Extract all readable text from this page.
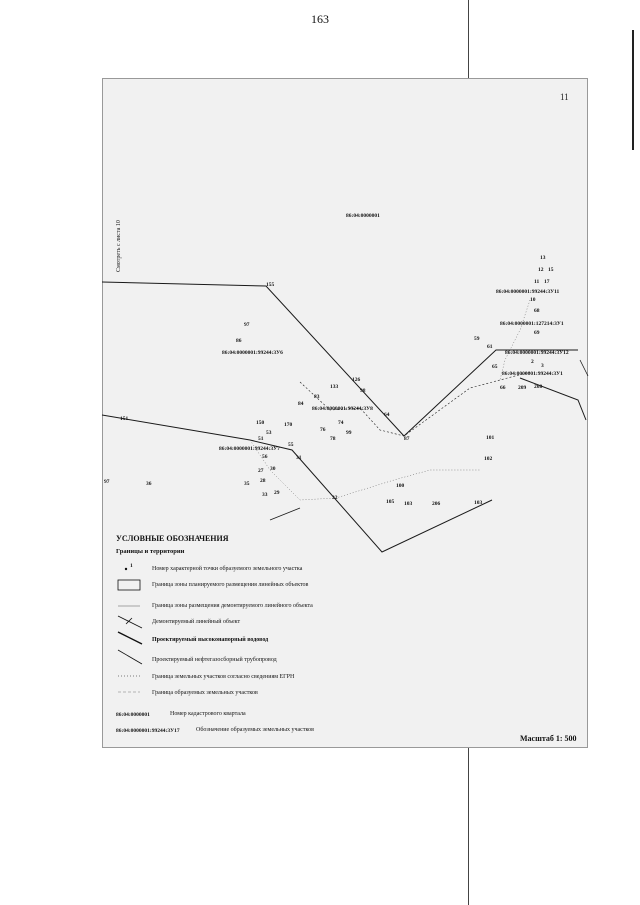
163
11
Смотреть с листа 10
86:04:0000001
86:04:0000001:99244:3У11
86:04:0000001:127214:3У1
86:04:0000001:99244:3У12
86:04:0000001:99244:3У1
86:04:0000001:99244:3У6
86:04:0000001:99244:3У8
86:04:0000001:99244:3У7
13
12 15
11 17
10
68
69
59
61
2
3
65
66 209 208
97
86
133
155
151
83
84
126
98
64
87
74
76
78
99
150	170
53
51
55
31
56
27 30
28
35
33 29
97	36
32
101
102
100
105 103	206	103
УСЛОВНЫЕ ОБОЗНАЧЕНИЯ
Границы и территории
1	Номер характерной точки образуемого земельного участка
Граница зоны планируемого размещения линейных объектов
Граница зоны размещения демонтируемого линейного объекта
Демонтируемый линейный объект
Проектируемый высоконапорный водовод
Проектируемый нефтегазосборный трубопровод
Граница земельных участков согласно сведениям ЕГРН
Граница образуемых земельных участков
86:04:0000001	Номер кадастрового квартала
86:04:0000001:99244:3У17	Обозначение образуемых земельных участков
Масштаб 1: 500
